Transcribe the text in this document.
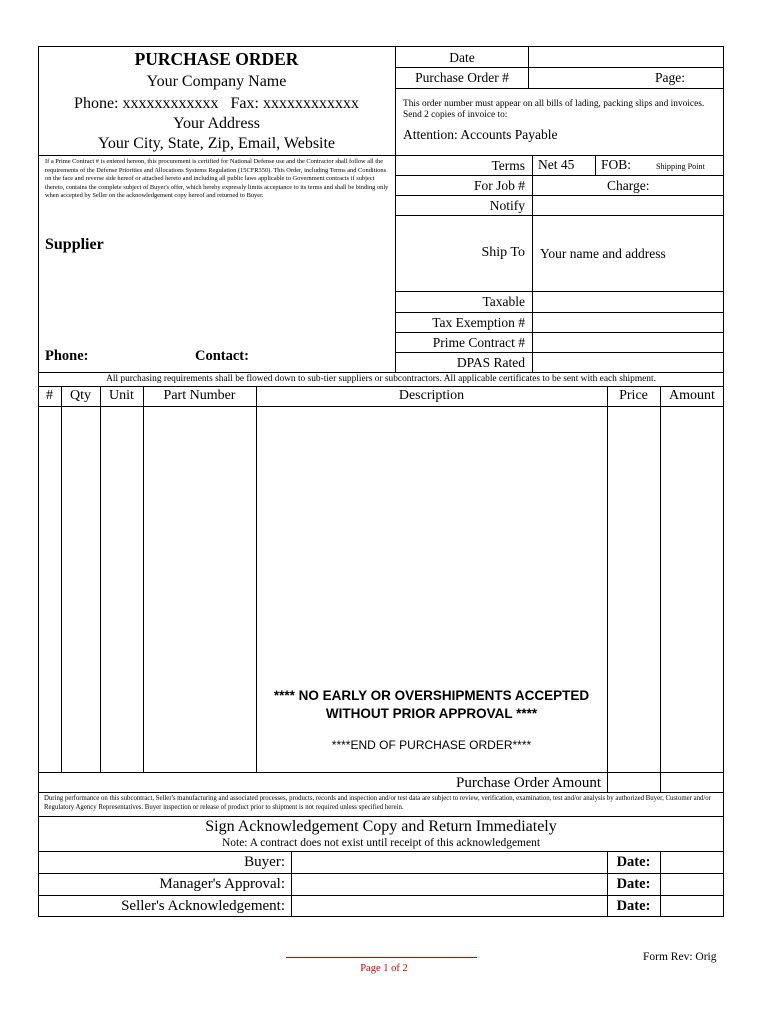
PURCHASE ORDER
Your Company Name
Phone: xxxxxxxxxxxx   Fax: xxxxxxxxxxxx
Your Address
Your City, State, Zip, Email, Website
Date
Purchase Order #	Page:
This order number must appear on all bills of lading, packing slips and invoices. Send 2 copies of invoice to:
Attention: Accounts Payable
If a Prime Contract # is entered hereon, this procurement is certified for National Defense use and the Contractor shall follow all the requirements of the Defense Priorities and Allocations Systems Regulation (15CFR350). This Order, including Terms and Conditions on the face and reverse side hereof or attached hereto and including all public laws applicable to Government contracts if subject thereto, contains the complete subject of Buyer's offer, which hereby expressly limits acceptance to its terms and shall be binding only when accepted by Seller on the acknowledgement copy hereof and returned to Buyer.
Supplier
Phone:	Contact:
Terms Net 45 FOB:	Shipping Point
For Job #	Charge:
Notify
Ship To Your name and address
Taxable
Tax Exemption #
Prime Contract #
DPAS Rated
All purchasing requirements shall be flowed down to sub-tier suppliers or subcontractors. All applicable certificates to be sent with each shipment.
#	Qty	Unit	Part Number	Description	Price	Amount
**** NO EARLY OR OVERSHIPMENTS ACCEPTED
WITHOUT PRIOR APPROVAL ****
****END OF PURCHASE ORDER****
Purchase Order Amount
During performance on this subcontract, Seller's manufacturing and associated processes, products, records and inspection and/or test data are subject to review, verification, examination, test and/or analysis by authorized Buyer, Customer and/or Regulatory Agency Representatives. Buyer inspection or release of product prior to shipment is not required unless specified herein.
Sign Acknowledgement Copy and Return Immediately
Note: A contract does not exist until receipt of this acknowledgement
Buyer:	Date:
Manager's Approval:	Date:
Seller's Acknowledgement:	Date:
Page 1 of 2
Form Rev: Orig
